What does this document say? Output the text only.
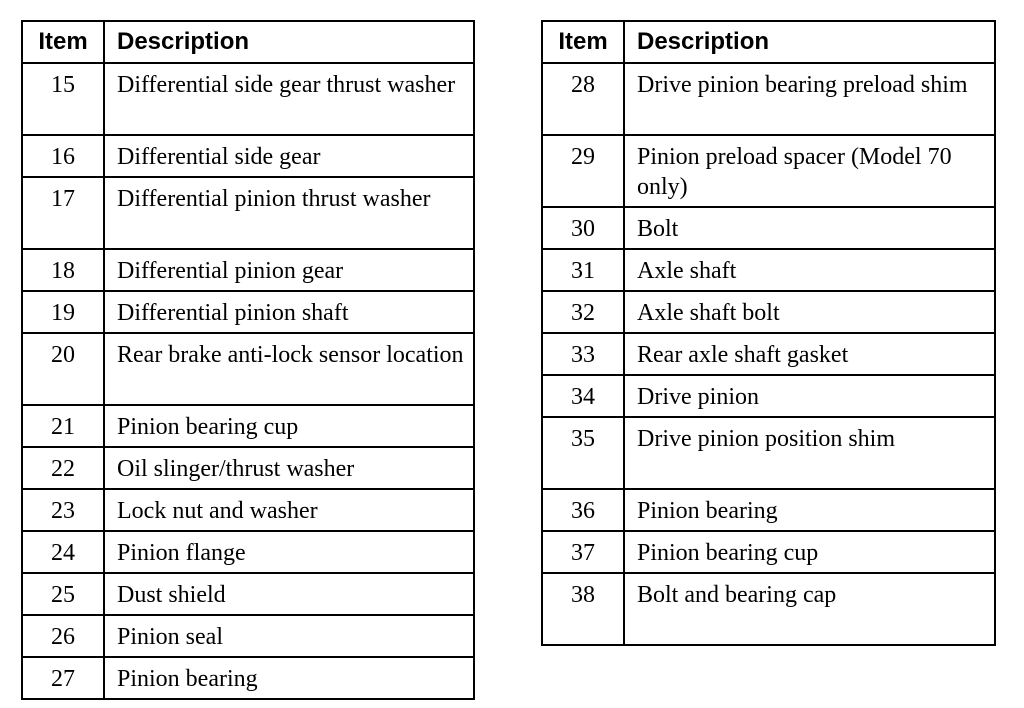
Item	Description
15	Differential side gear thrust washer
16	Differential side gear
17	Differential pinion thrust washer
18	Differential pinion gear
19	Differential pinion shaft
20	Rear brake anti-lock sensor location
21	Pinion bearing cup
22	Oil slinger/thrust washer
23	Lock nut and washer
24	Pinion flange
25	Dust shield
26	Pinion seal
27	Pinion bearing
Item	Description
28	Drive pinion bearing preload shim
29	Pinion preload spacer (Model 70 only)
30	Bolt
31	Axle shaft
32	Axle shaft bolt
33	Rear axle shaft gasket
34	Drive pinion
35	Drive pinion position shim
36	Pinion bearing
37	Pinion bearing cup
38	Bolt and bearing cap
